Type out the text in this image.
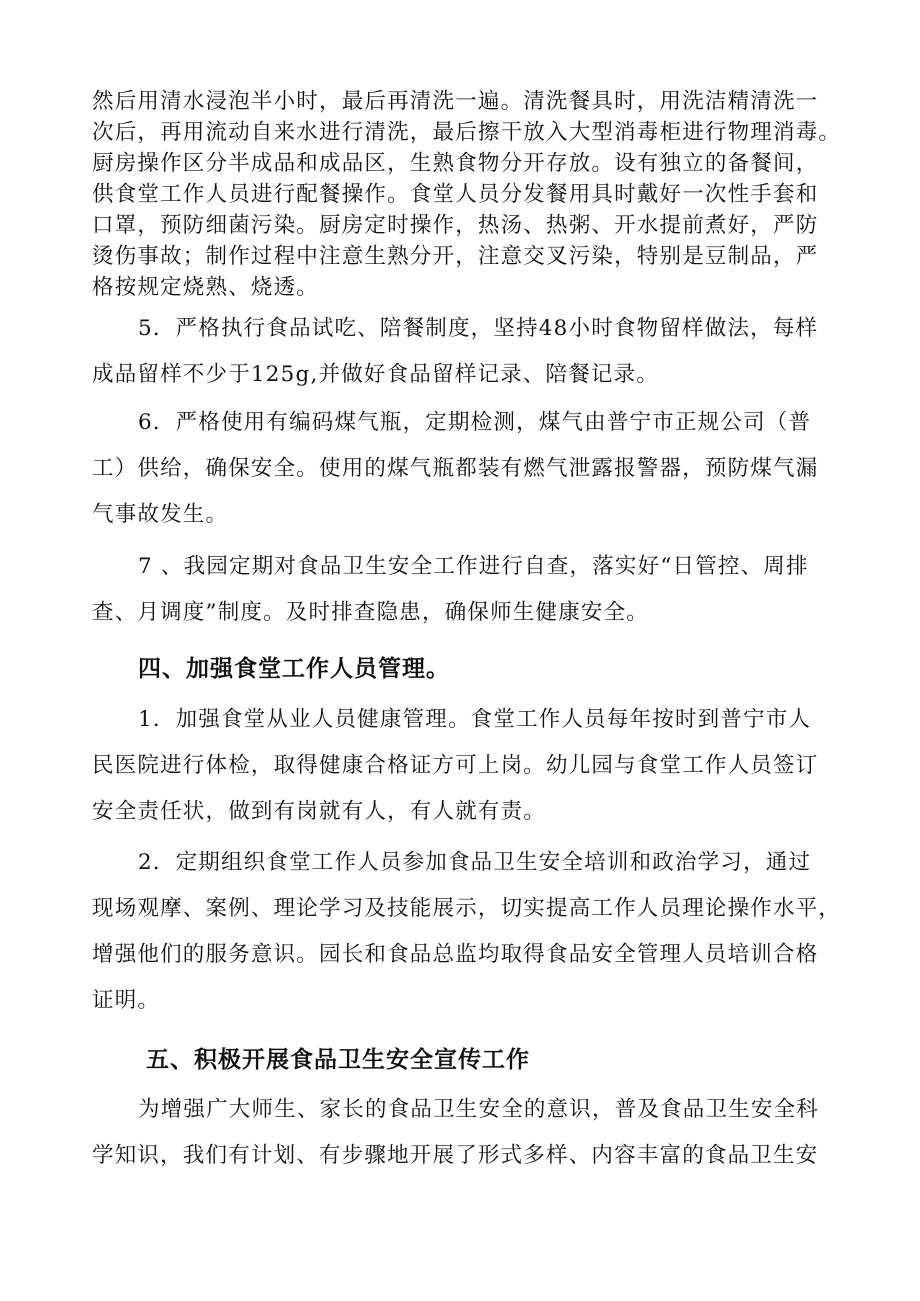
然后用清水浸泡半小时，最后再清洗一遍。清洗餐具时，用洗洁精清洗一
次后，再用流动自来水进行清洗，最后擦干放入大型消毒柜进行物理消毒。
厨房操作区分半成品和成品区，生熟食物分开存放。设有独立的备餐间，
供食堂工作人员进行配餐操作。食堂人员分发餐用具时戴好一次性手套和
口罩，预防细菌污染。厨房定时操作，热汤、热粥、开水提前煮好，严防
烫伤事故；制作过程中注意生熟分开，注意交叉污染，特别是豆制品，严
格按规定烧熟、烧透。
5．严格执行食品试吃、陪餐制度，坚持48小时食物留样做法，每样
成品留样不少于125g,并做好食品留样记录、陪餐记录。
6．严格使用有编码煤气瓶，定期检测，煤气由普宁市正规公司（普
工）供给，确保安全。使用的煤气瓶都装有燃气泄露报警器，预防煤气漏
气事故发生。
7 、我园定期对食品卫生安全工作进行自查，落实好“日管控、周排
查、月调度”制度。及时排查隐患，确保师生健康安全。
四、加强食堂工作人员管理。
1．加强食堂从业人员健康管理。食堂工作人员每年按时到普宁市人
民医院进行体检，取得健康合格证方可上岗。幼儿园与食堂工作人员签订
安全责任状，做到有岗就有人，有人就有责。
2．定期组织食堂工作人员参加食品卫生安全培训和政治学习，通过
现场观摩、案例、理论学习及技能展示，切实提高工作人员理论操作水平，
增强他们的服务意识。园长和食品总监均取得食品安全管理人员培训合格
证明。
五、积极开展食品卫生安全宣传工作
为增强广大师生、家长的食品卫生安全的意识，普及食品卫生安全科
学知识，我们有计划、有步骤地开展了形式多样、内容丰富的食品卫生安
